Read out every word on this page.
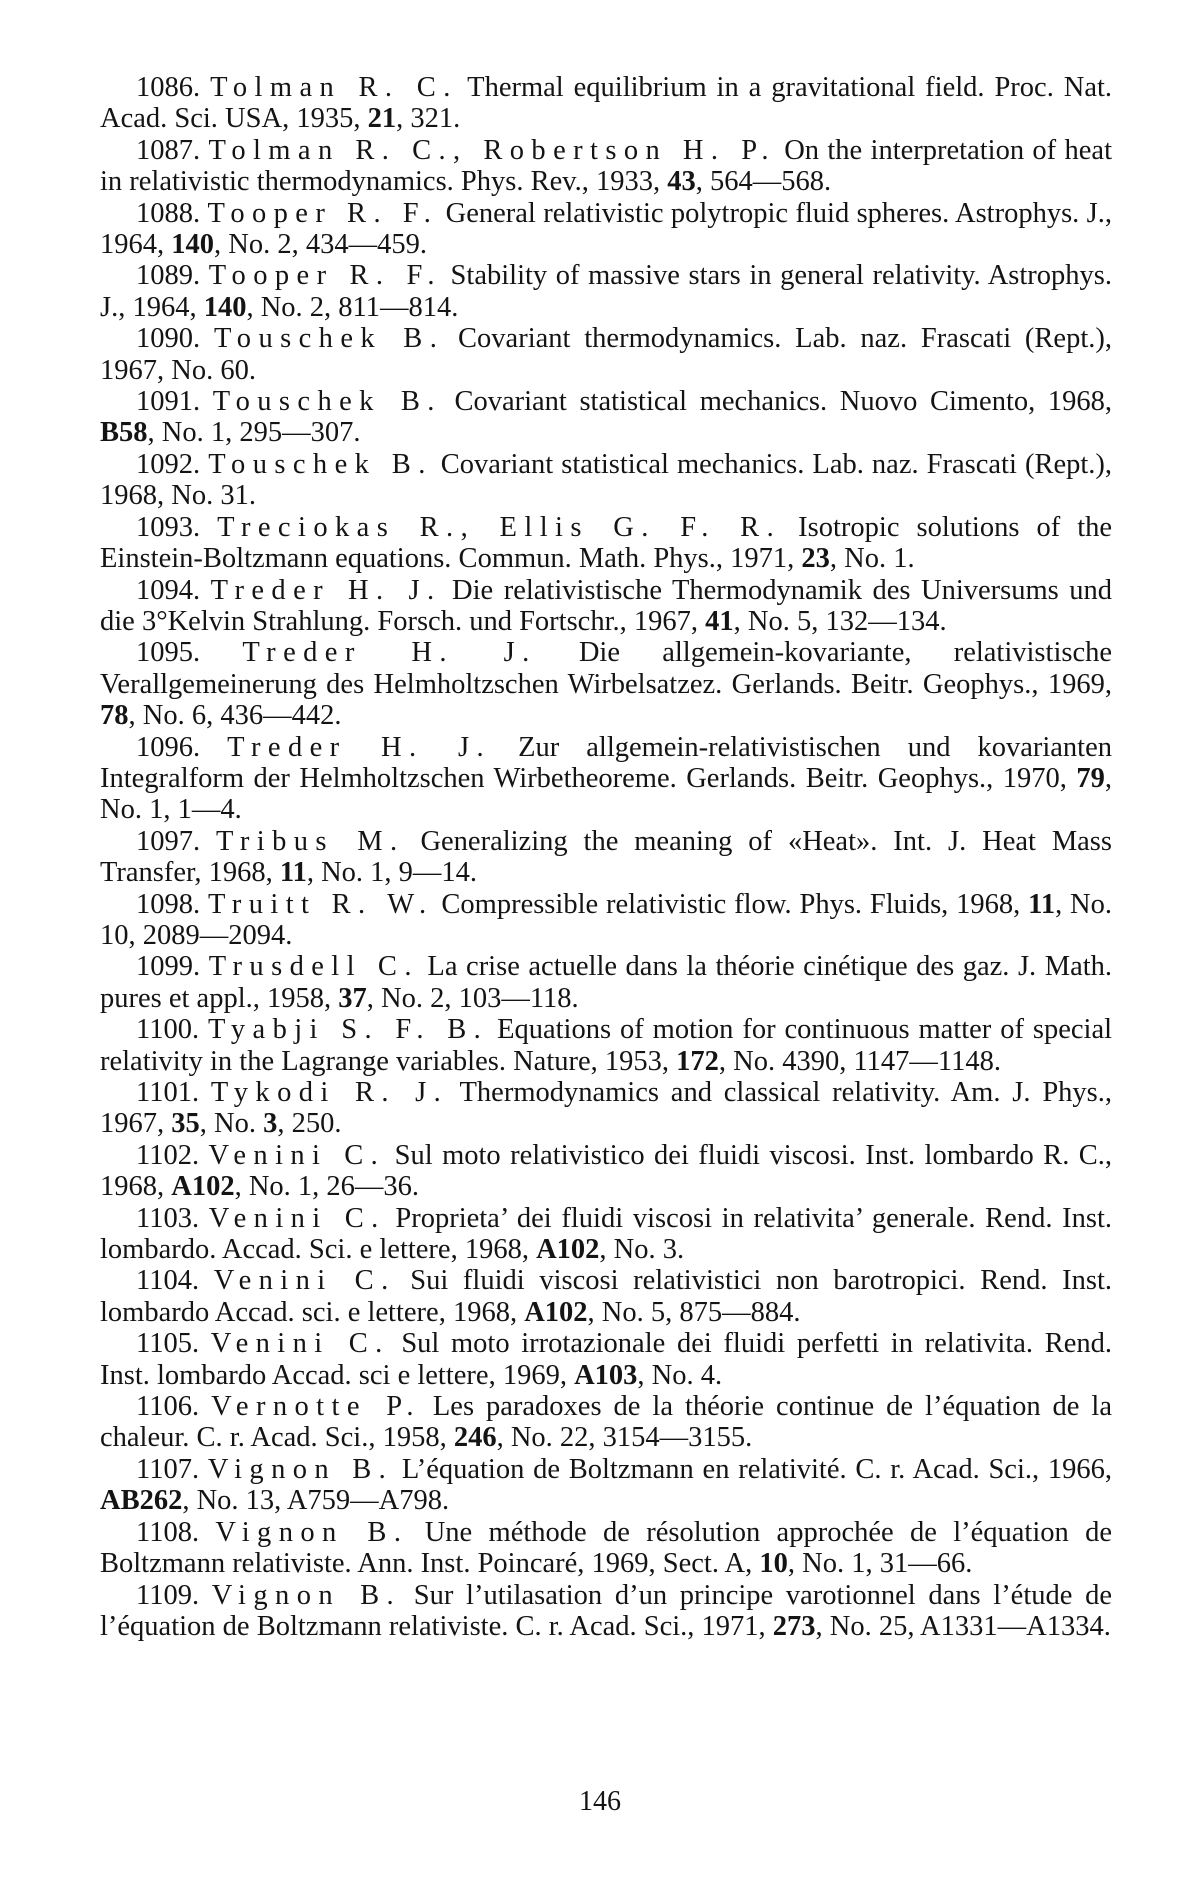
1086. Tolman R. C. Thermal equilibrium in a gravitational field. Proc. Nat. Acad. Sci. USA, 1935, 21, 321.

1087. Tolman R. C., Robertson H. P. On the interpretation of heat in relativistic thermodynamics. Phys. Rev., 1933, 43, 564—568.

1088. Tooper R. F. General relativistic polytropic fluid spheres. Astrophys. J., 1964, 140, No. 2, 434—459.

1089. Tooper R. F. Stability of massive stars in general relativity. Astrophys. J., 1964, 140, No. 2, 811—814.

1090. Touschek B. Covariant thermodynamics. Lab. naz. Frascati (Rept.), 1967, No. 60.

1091. Touschek B. Covariant statistical mechanics. Nuovo Cimento, 1968, B58, No. 1, 295—307.

1092. Touschek B. Covariant statistical mechanics. Lab. naz. Frascati (Rept.), 1968, No. 31.

1093. Treciokas R., Ellis G. F. R. Isotropic solutions of the Einstein-Boltzmann equations. Commun. Math. Phys., 1971, 23, No. 1.

1094. Treder H. J. Die relativistische Thermodynamik des Universums und die 3°Kelvin Strahlung. Forsch. und Fortschr., 1967, 41, No. 5, 132—134.

1095. Treder H. J. Die allgemein-kovariante, relativistische Verallgemeinerung des Helmholtzschen Wirbelsatzez. Gerlands. Beitr. Geophys., 1969, 78, No. 6, 436—442.

1096. Treder H. J. Zur allgemein-relativistischen und kovarianten Integralform der Helmholtzschen Wirbetheoreme. Gerlands. Beitr. Geophys., 1970, 79, No. 1, 1—4.

1097. Tribus M. Generalizing the meaning of «Heat». Int. J. Heat Mass Transfer, 1968, 11, No. 1, 9—14.

1098. Truitt R. W. Compressible relativistic flow. Phys. Fluids, 1968, 11, No. 10, 2089—2094.

1099. Trusdell C. La crise actuelle dans la théorie cinétique des gaz. J. Math. pures et appl., 1958, 37, No. 2, 103—118.

1100. Tyabji S. F. B. Equations of motion for continuous matter of special relativity in the Lagrange variables. Nature, 1953, 172, No. 4390, 1147—1148.

1101. Tykodi R. J. Thermodynamics and classical relativity. Am. J. Phys., 1967, 35, No. 3, 250.

1102. Venini C. Sul moto relativistico dei fluidi viscosi. Inst. lombardo R. C., 1968, A102, No. 1, 26—36.

1103. Venini C. Proprieta’ dei fluidi viscosi in relativita’ generale. Rend. Inst. lombardo. Accad. Sci. e lettere, 1968, A102, No. 3.

1104. Venini C. Sui fluidi viscosi relativistici non barotropici. Rend. Inst. lombardo Accad. sci. e lettere, 1968, A102, No. 5, 875—884.

1105. Venini C. Sul moto irrotazionale dei fluidi perfetti in relativita. Rend. Inst. lombardo Accad. sci e lettere, 1969, A103, No. 4.

1106. Vernotte P. Les paradoxes de la théorie continue de l’équation de la chaleur. C. r. Acad. Sci., 1958, 246, No. 22, 3154—3155.

1107. Vignon B. L’équation de Boltzmann en relativité. C. r. Acad. Sci., 1966, AB262, No. 13, A759—A798.

1108. Vignon B. Une méthode de résolution approchée de l’équation de Boltzmann relativiste. Ann. Inst. Poincaré, 1969, Sect. A, 10, No. 1, 31—66.

1109. Vignon B. Sur l’utilasation d’un principe varotionnel dans l’étude de l’équation de Boltzmann relativiste. C. r. Acad. Sci., 1971, 273, No. 25, A1331—A1334.

146
